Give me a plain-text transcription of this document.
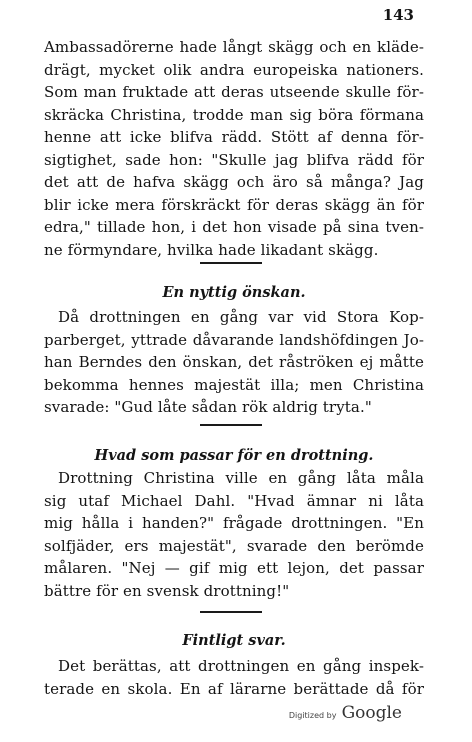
143
Ambassadörerne hade långt skägg och en kläde-
drägt, mycket olik andra europeiska nationers.
Som man fruktade att deras utseende skulle för-
skräcka Christina, trodde man sig böra förmana
henne att icke blifva rädd. Stött af denna för-
sigtighet, sade hon: "Skulle jag blifva rädd för
det att de hafva skägg och äro så många? Jag
blir icke mera förskräckt för deras skägg än för
edra," tillade hon, i det hon visade på sina tven-
ne förmyndare, hvilka hade likadant skägg.
En nyttig önskan.
Då drottningen en gång var vid Stora Kop-
parberget, yttrade dåvarande landshöfdingen Jo-
han Berndes den önskan, det råströken ej måtte
bekomma hennes majestät illa; men Christina
svarade: "Gud låte sådan rök aldrig tryta."
Hvad som passar för en drottning.
Drottning Christina ville en gång låta måla
sig utaf Michael Dahl. "Hvad ämnar ni låta
mig hålla i handen?" frågade drottningen. "En
solfjäder, ers majestät", svarade den berömde
målaren. "Nej — gif mig ett lejon, det passar
bättre för en svensk drottning!"
Fintligt svar.
Det berättas, att drottningen en gång inspek-
terade en skola. En af lärarne berättade då för
Digitized by Google
